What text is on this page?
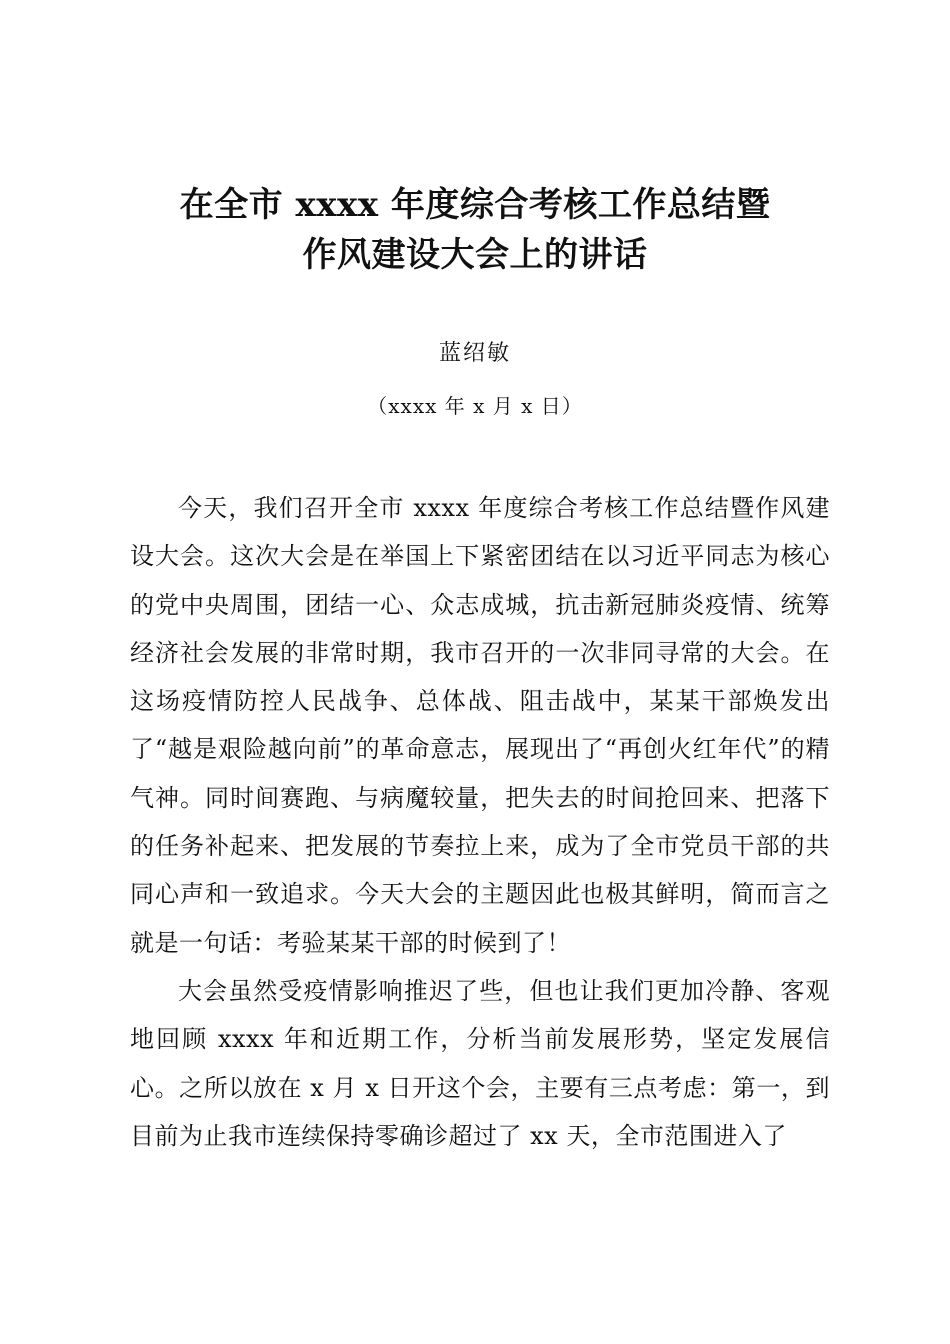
在全市 xxxx 年度综合考核工作总结暨
作风建设大会上的讲话
蓝绍敏
（xxxx 年 x 月 x 日）

今天，我们召开全市 xxxx 年度综合考核工作总结暨作风建设大会。这次大会是在举国上下紧密团结在以习近平同志为核心的党中央周围，团结一心、众志成城，抗击新冠肺炎疫情、统筹经济社会发展的非常时期，我市召开的一次非同寻常的大会。在这场疫情防控人民战争、总体战、阻击战中，某某干部焕发出了“越是艰险越向前”的革命意志，展现出了“再创火红年代”的精气神。同时间赛跑、与病魔较量，把失去的时间抢回来、把落下的任务补起来、把发展的节奏拉上来，成为了全市党员干部的共同心声和一致追求。今天大会的主题因此也极其鲜明，简而言之就是一句话：考验某某干部的时候到了！

大会虽然受疫情影响推迟了些，但也让我们更加冷静、客观地回顾 xxxx 年和近期工作，分析当前发展形势，坚定发展信心。之所以放在 x 月 x 日开这个会，主要有三点考虑：第一，到目前为止我市连续保持零确诊超过了 xx 天，全市范围进入了
